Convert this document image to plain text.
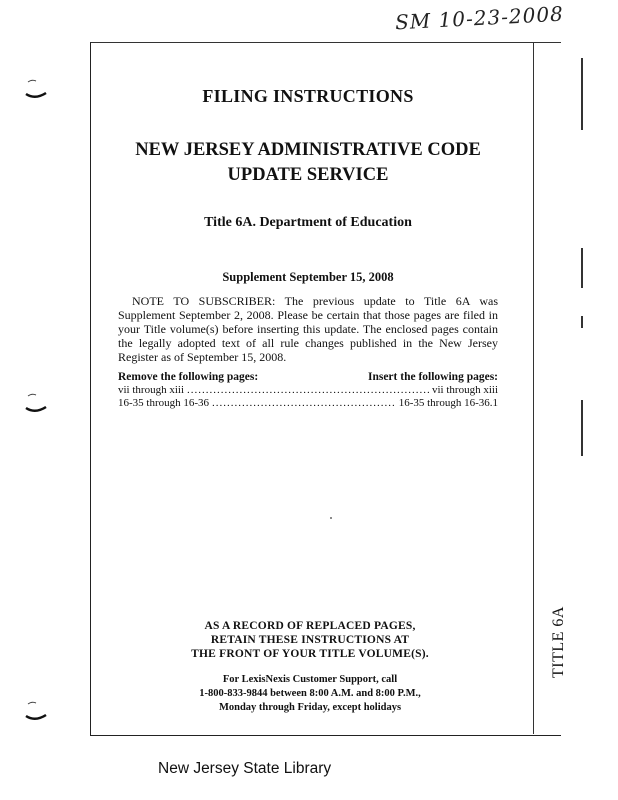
SM 10-23-2008
FILING INSTRUCTIONS
NEW JERSEY ADMINISTRATIVE CODE
UPDATE SERVICE
Title 6A. Department of Education
Supplement September 15, 2008
NOTE TO SUBSCRIBER: The previous update to Title 6A was Supplement September 2, 2008. Please be certain that those pages are filed in your Title volume(s) before inserting this update. The enclosed pages contain the legally adopted text of all rule changes published in the New Jersey Register as of September 15, 2008.
Remove the following pages:	Insert the following pages:
vii through xiii .....	vii through xiii
16-35 through 16-36 .....	16-35 through 16-36.1
AS A RECORD OF REPLACED PAGES,
RETAIN THESE INSTRUCTIONS AT
THE FRONT OF YOUR TITLE VOLUME(S).
For LexisNexis Customer Support, call
1-800-833-9844 between 8:00 A.M. and 8:00 P.M.,
Monday through Friday, except holidays
TITLE 6A
New Jersey State Library
